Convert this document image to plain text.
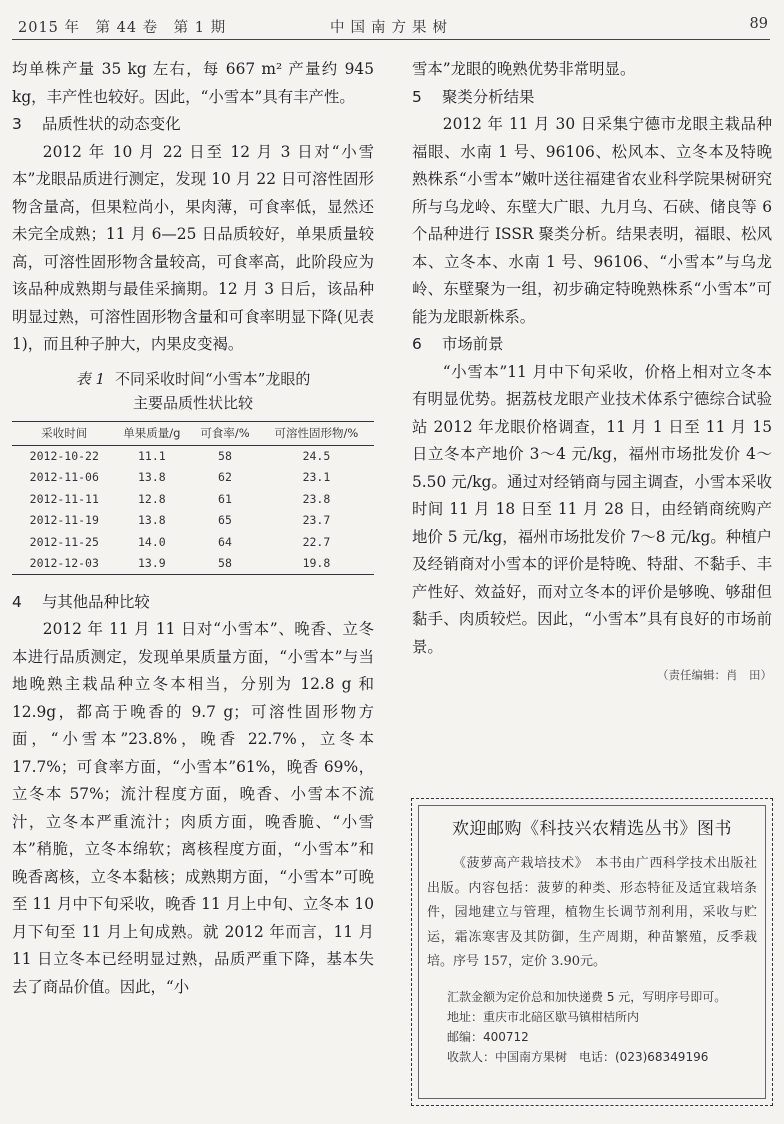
2015 年　第 44 卷　第 1 期	中国南方果树	89

均单株产量 35 kg 左右，每 667 m² 产量约 945 kg，丰产性也较好。因此，“小雪本”具有丰产性。

3 品质性状的动态变化

2012 年 10 月 22 日至 12 月 3 日对“小雪本”龙眼品质进行测定，发现 10 月 22 日可溶性固形物含量高，但果粒尚小，果肉薄，可食率低，显然还未完全成熟；11 月 6—25 日品质较好，单果质量较高，可溶性固形物含量较高，可食率高，此阶段应为该品种成熟期与最佳采摘期。12 月 3 日后，该品种明显过熟，可溶性固形物含量和可食率明显下降(见表 1)，而且种子肿大，内果皮变褐。

表 1 不同采收时间“小雪本”龙眼的
主要品质性状比较
采收时间	单果质量/g	可食率/%	可溶性固形物/%
2012-10-22	11.1	58	24.5
2012-11-06	13.8	62	23.1
2012-11-11	12.8	61	23.8
2012-11-19	13.8	65	23.7
2012-11-25	14.0	64	22.7
2012-12-03	13.9	58	19.8
4 与其他品种比较

2012 年 11 月 11 日对“小雪本”、晚香、立冬本进行品质测定，发现单果质量方面，“小雪本”与当地晚熟主栽品种立冬本相当，分别为 12.8 g 和 12.9g，都高于晚香的 9.7 g；可溶性固形物方面，“小雪本”23.8%，晚香 22.7%，立冬本 17.7%；可食率方面，“小雪本”61%，晚香 69%，立冬本 57%；流汁程度方面，晚香、小雪本不流汁，立冬本严重流汁；肉质方面，晚香脆、“小雪本”稍脆，立冬本绵软；离核程度方面，“小雪本”和晚香离核，立冬本黏核；成熟期方面，“小雪本”可晚至 11 月中下旬采收，晚香 11 月上中旬、立冬本 10 月下旬至 11 月上旬成熟。就 2012 年而言，11 月 11 日立冬本已经明显过熟，品质严重下降，基本失去了商品价值。因此，“小

雪本”龙眼的晚熟优势非常明显。

5 聚类分析结果

2012 年 11 月 30 日采集宁德市龙眼主栽品种福眼、水南 1 号、96106、松风本、立冬本及特晚熟株系“小雪本”嫩叶送往福建省农业科学院果树研究所与乌龙岭、东壁大广眼、九月乌、石硖、储良等 6 个品种进行 ISSR 聚类分析。结果表明，福眼、松风本、立冬本、水南 1 号、96106、“小雪本”与乌龙岭、东壁聚为一组，初步确定特晚熟株系“小雪本”可能为龙眼新株系。

6 市场前景

“小雪本”11 月中下旬采收，价格上相对立冬本有明显优势。据荔枝龙眼产业技术体系宁德综合试验站 2012 年龙眼价格调查，11 月 1 日至 11 月 15 日立冬本产地价 3～4 元/kg，福州市场批发价 4～5.50 元/kg。通过对经销商与园主调查，小雪本采收时间 11 月 18 日至 11 月 28 日，由经销商统购产地价 5 元/kg，福州市场批发价 7～8 元/kg。种植户及经销商对小雪本的评价是特晚、特甜、不黏手、丰产性好、效益好，而对立冬本的评价是够晚、够甜但黏手、肉质较烂。因此，“小雪本”具有良好的市场前景。

（责任编辑：肖　田）
欢迎邮购《科技兴农精选丛书》图书

《菠萝高产栽培技术》　本书由广西科学技术出版社出版。内容包括：菠萝的种类、形态特征及适宜栽培条件，园地建立与管理，植物生长调节剂利用，采收与贮运，霜冻寒害及其防御，生产周期，种苗繁殖，反季栽培。序号 157，定价 3.90元。

汇款金额为定价总和加快递费 5 元，写明序号即可。
地址：重庆市北碚区歇马镇柑桔所内
邮编：400712
收款人：中国南方果树　电话：(023)68349196
